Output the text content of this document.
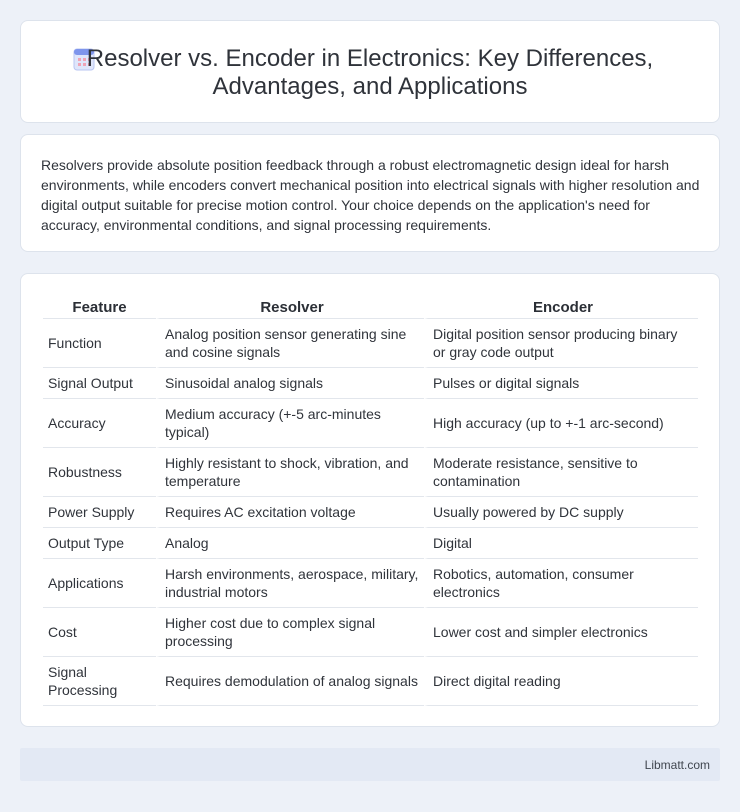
Resolver vs. Encoder in Electronics: Key Differences,
Advantages, and Applications

Resolvers provide absolute position feedback through a robust electromagnetic design ideal for harsh environments, while encoders convert mechanical position into electrical signals with higher resolution and digital output suitable for precise motion control. Your choice depends on the application's need for accuracy, environmental conditions, and signal processing requirements.

Feature	Resolver	Encoder
Function	Analog position sensor generating sine and cosine signals	Digital position sensor producing binary or gray code output
Signal Output	Sinusoidal analog signals	Pulses or digital signals
Accuracy	Medium accuracy (+-5 arc-minutes typical)	High accuracy (up to +-1 arc-second)
Robustness	Highly resistant to shock, vibration, and temperature	Moderate resistance, sensitive to contamination
Power Supply	Requires AC excitation voltage	Usually powered by DC supply
Output Type	Analog	Digital
Applications	Harsh environments, aerospace, military, industrial motors	Robotics, automation, consumer electronics
Cost	Higher cost due to complex signal processing	Lower cost and simpler electronics
Signal Processing	Requires demodulation of analog signals	Direct digital reading
Libmatt.com
